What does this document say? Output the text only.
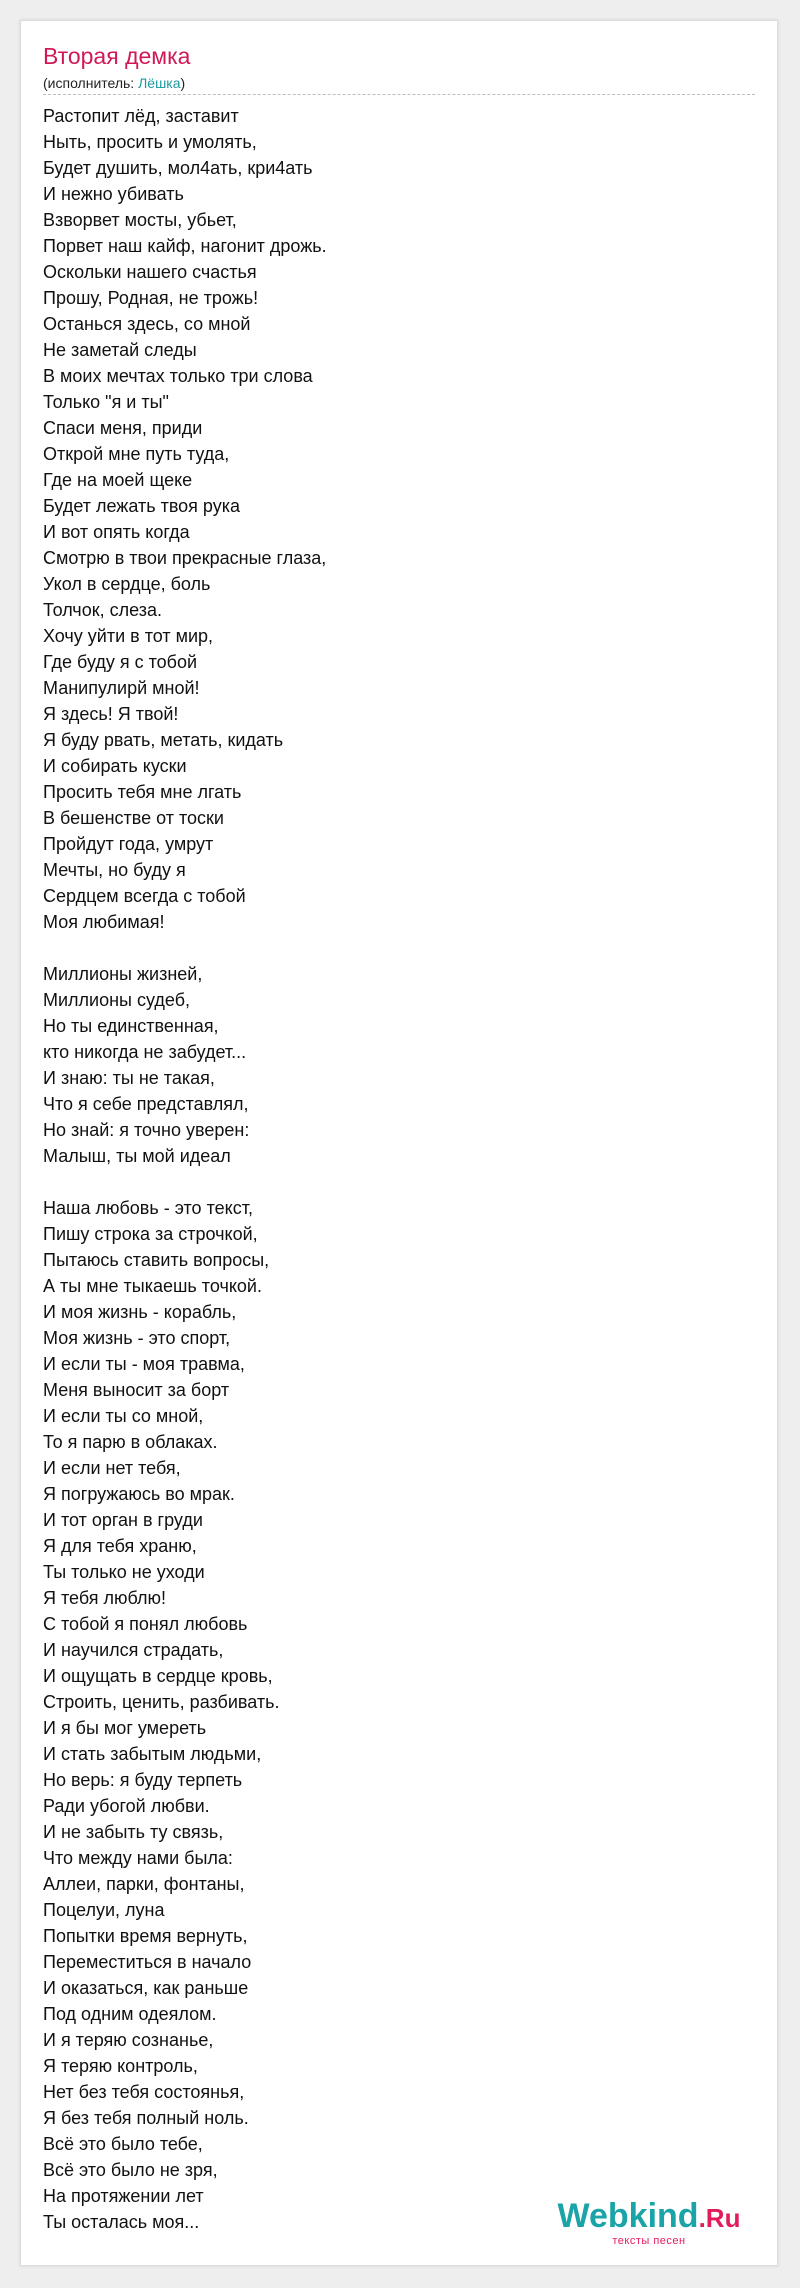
Вторая демка
(исполнитель: Лёшка)
Растопит лёд, заставит
Ныть, просить и умолять,
Будет душить, мол4ать, кри4ать
И нежно убивать
Взворвет мосты, убьет,
Порвет наш кайф, нагонит дрожь.
Оскольки нашего счастья
Прошу, Родная, не трожь!
Останься здесь, со мной
Не заметай следы
В моих мечтах только три слова
Только "я и ты"
Спаси меня, приди
Открой мне путь туда,
Где на моей щеке
Будет лежать твоя рука
И вот опять когда
Смотрю в твои прекрасные глаза,
Укол в сердце, боль
Толчок, слеза.
Хочу уйти в тот мир,
Где буду я с тобой
Манипулирй мной!
Я здесь! Я твой!
Я буду рвать, метать, кидать
И собирать куски
Просить тебя мне лгать
В бешенстве от тоски
Пройдут года, умрут
Мечты, но буду я
Сердцем всегда с тобой
Моя любимая!
Миллионы жизней,
Миллионы судеб,
Но ты единственная,
кто никогда не забудет...
И знаю: ты не такая,
Что я себе представлял,
Но знай: я точно уверен:
Малыш, ты мой идеал
Наша любовь - это текст,
Пишу строка за строчкой,
Пытаюсь ставить вопросы,
А ты мне тыкаешь точкой.
И моя жизнь - корабль,
Моя жизнь - это спорт,
И если ты - моя травма,
Меня выносит за борт
И если ты со мной,
То я парю в облаках.
И если нет тебя,
Я погружаюсь во мрак.
И тот орган в груди
Я для тебя храню,
Ты только не уходи
Я тебя люблю!
С тобой я понял любовь
И научился страдать,
И ощущать в сердце кровь,
Строить, ценить, разбивать.
И я бы мог умереть
И стать забытым людьми,
Но верь: я буду терпеть
Ради убогой любви.
И не забыть ту связь,
Что между нами была:
Аллеи, парки, фонтаны,
Поцелуи, луна
Попытки время вернуть,
Переместиться в начало
И оказаться, как раньше
Под одним одеялом.
И я теряю сознанье,
Я теряю контроль,
Нет без тебя состоянья,
Я без тебя полный ноль.
Всё это было тебе,
Всё это было не зря,
На протяжении лет
Ты осталась моя...	Webkind.Ru
тексты песен
